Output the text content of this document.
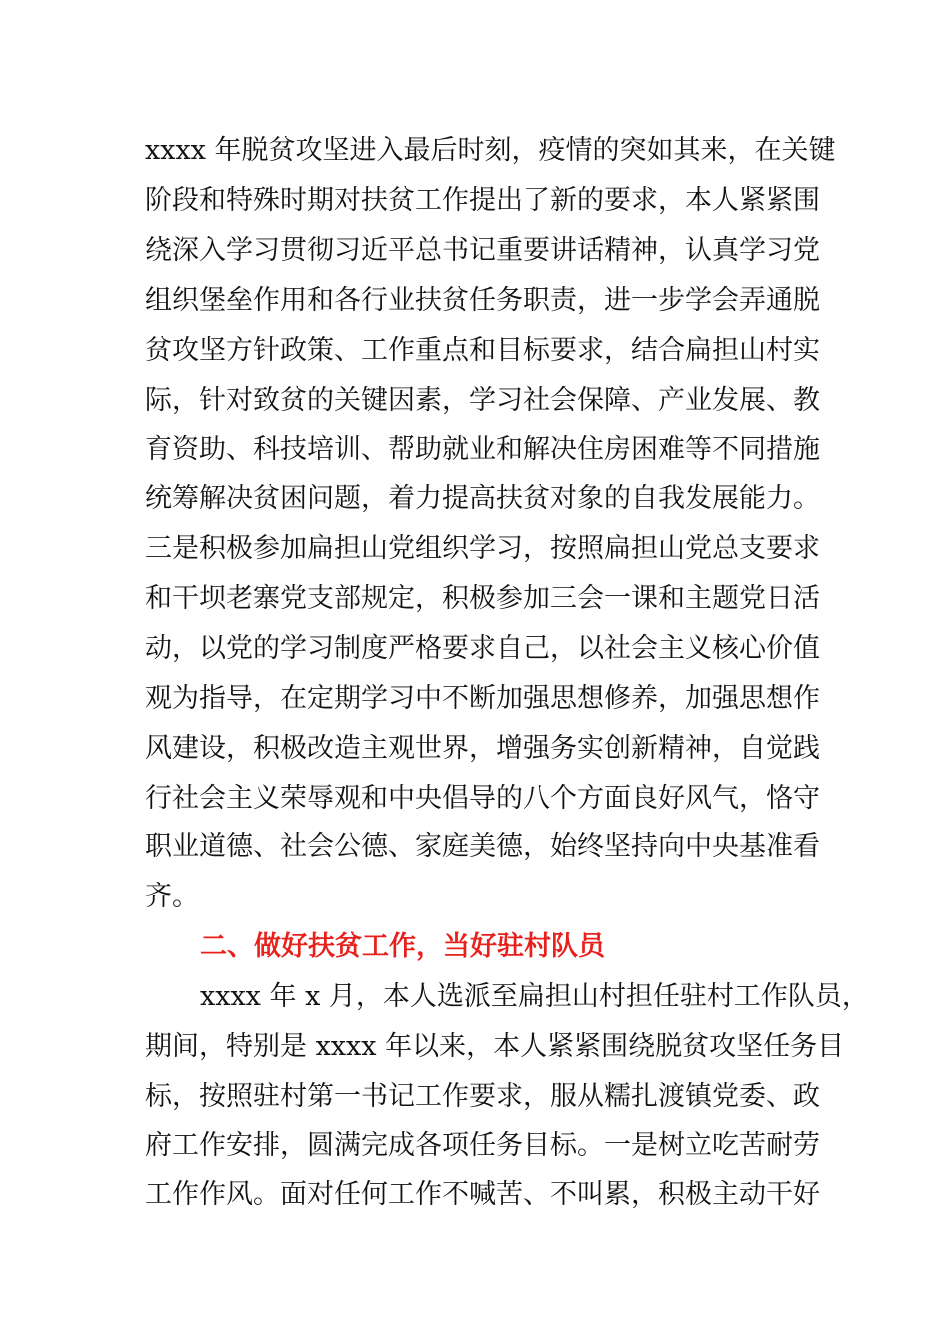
xxxx 年脱贫攻坚进入最后时刻，疫情的突如其来，在关键
阶段和特殊时期对扶贫工作提出了新的要求，本人紧紧围
绕深入学习贯彻习近平总书记重要讲话精神，认真学习党
组织堡垒作用和各行业扶贫任务职责，进一步学会弄通脱
贫攻坚方针政策、工作重点和目标要求，结合扁担山村实
际，针对致贫的关键因素，学习社会保障、产业发展、教
育资助、科技培训、帮助就业和解决住房困难等不同措施
统筹解决贫困问题，着力提高扶贫对象的自我发展能力。
三是积极参加扁担山党组织学习，按照扁担山党总支要求
和干坝老寨党支部规定，积极参加三会一课和主题党日活
动，以党的学习制度严格要求自己，以社会主义核心价值
观为指导，在定期学习中不断加强思想修养，加强思想作
风建设，积极改造主观世界，增强务实创新精神，自觉践
行社会主义荣辱观和中央倡导的八个方面良好风气，恪守
职业道德、社会公德、家庭美德，始终坚持向中央基准看
齐。
二、做好扶贫工作，当好驻村队员
xxxx 年 x 月，本人选派至扁担山村担任驻村工作队员，
期间，特别是 xxxx 年以来，本人紧紧围绕脱贫攻坚任务目
标，按照驻村第一书记工作要求，服从糯扎渡镇党委、政
府工作安排，圆满完成各项任务目标。一是树立吃苦耐劳
工作作风。面对任何工作不喊苦、不叫累，积极主动干好
